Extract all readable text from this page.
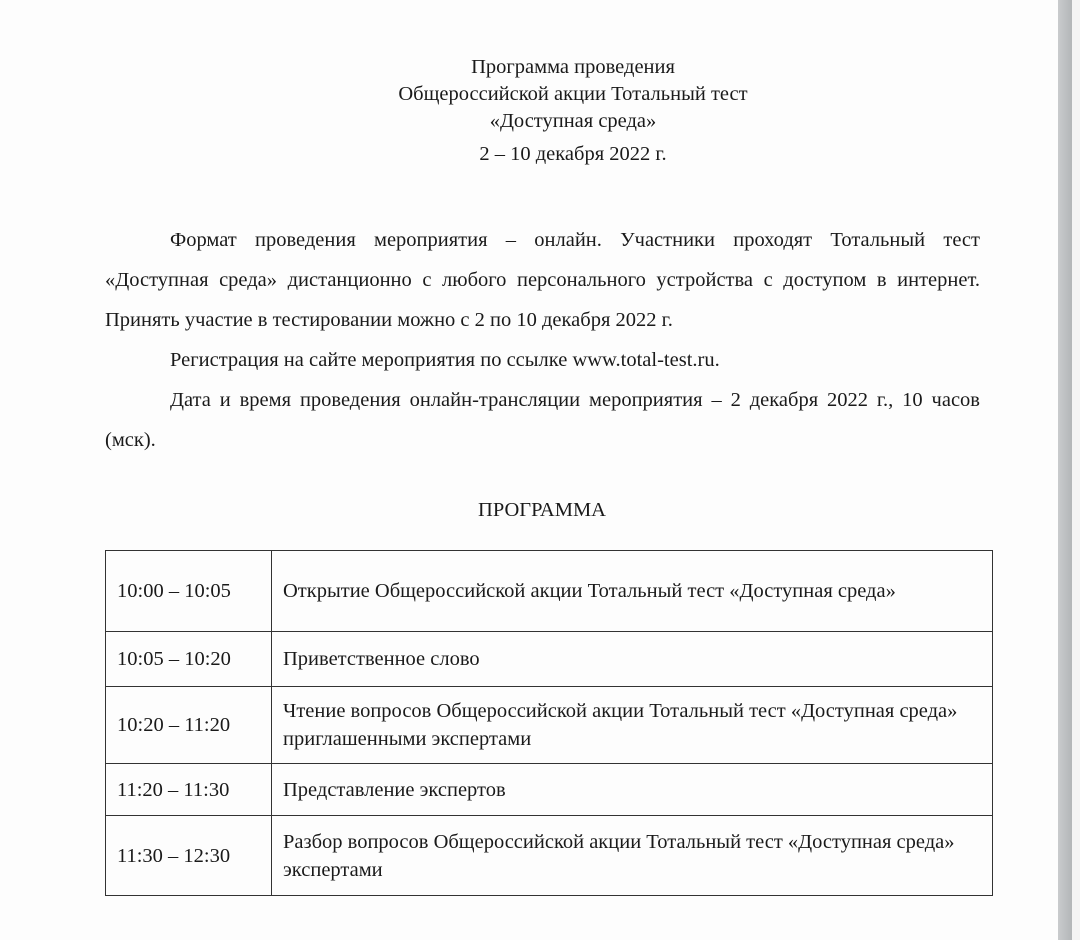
Программа проведения
Общероссийской акции Тотальный тест
«Доступная среда»
2 – 10 декабря 2022 г.

Формат проведения мероприятия – онлайн. Участники проходят Тотальный тест «Доступная среда» дистанционно с любого персонального устройства с доступом в интернет. Принять участие в тестировании можно с 2 по 10 декабря 2022 г.

Регистрация на сайте мероприятия по ссылке www.total-test.ru.

Дата и время проведения онлайн-трансляции мероприятия – 2 декабря 2022 г., 10 часов (мск).

ПРОГРАММА
10:00 – 10:05	Открытие Общероссийской акции Тотальный тест «Доступная среда»
10:05 – 10:20	Приветственное слово
10:20 – 11:20	Чтение вопросов Общероссийской акции Тотальный тест «Доступная среда» приглашенными экспертами
11:20 – 11:30	Представление экспертов
11:30 – 12:30	Разбор вопросов Общероссийской акции Тотальный тест «Доступная среда» экспертами
